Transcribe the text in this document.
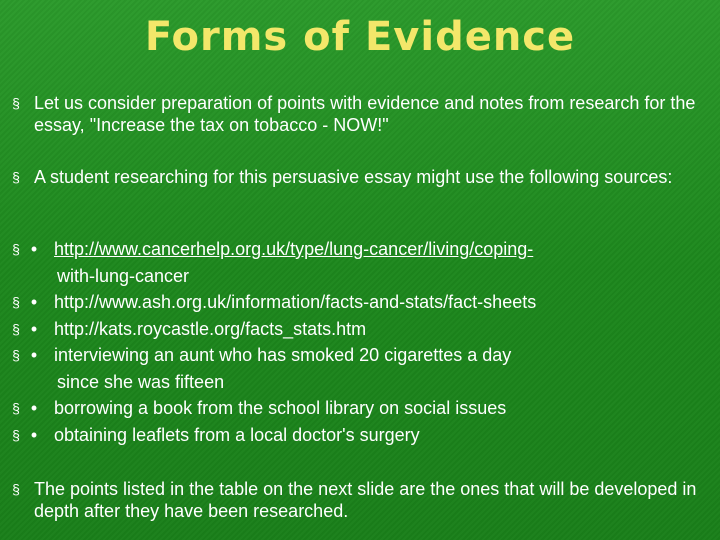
Forms of Evidence
§ Let us consider preparation of points with evidence and notes from research for the essay, "Increase the tax on tobacco - NOW!"
§ A student researching for this persuasive essay might use the following sources:
§ • http://www.cancerhelp.org.uk/type/lung-cancer/living/coping-
with-lung-cancer
§ • http://www.ash.org.uk/information/facts-and-stats/fact-sheets
§ • http://kats.roycastle.org/facts_stats.htm
§ • interviewing an aunt who has smoked 20 cigarettes a day
since she was fifteen
§ • borrowing a book from the school library on social issues
§ • obtaining leaflets from a local doctor's surgery
§ The points listed in the table on the next slide are the ones that will be developed in depth after they have been researched.
